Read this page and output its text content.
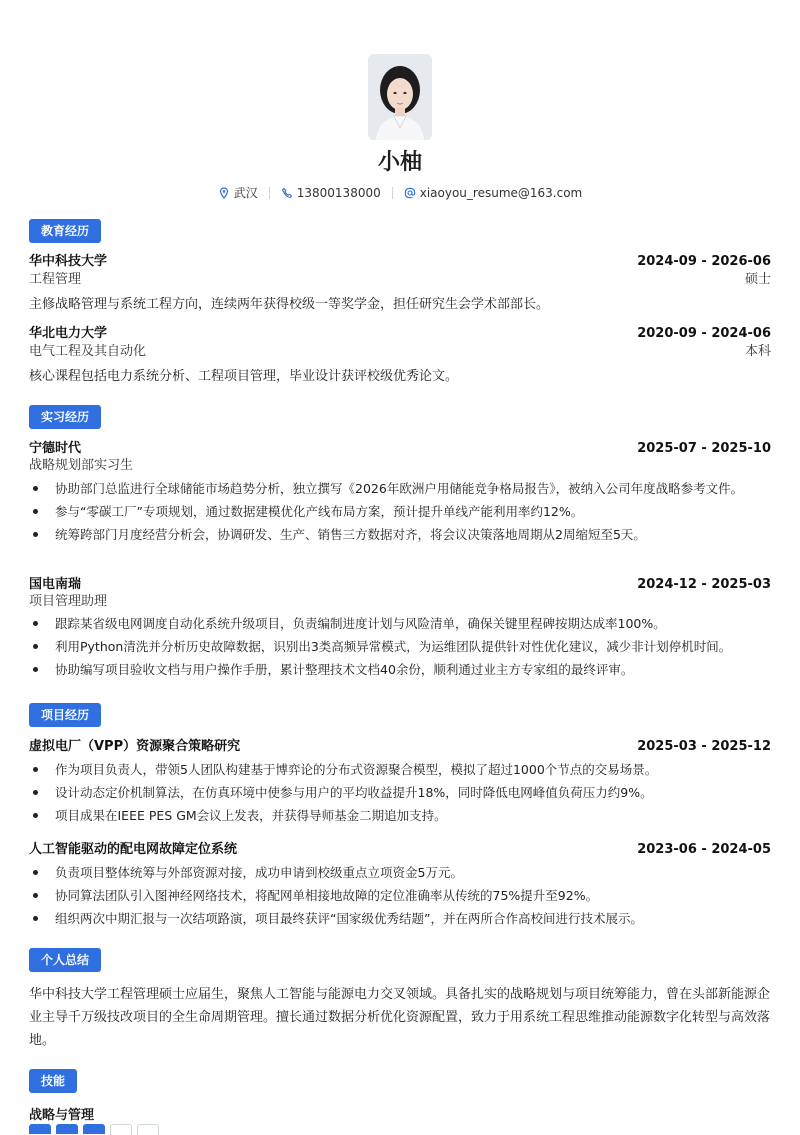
小柚
武汉	13800138000	xiaoyou_resume@163.com
教育经历
华中科技大学	2024-09 - 2026-06
工程管理	硕士
主修战略管理与系统工程方向，连续两年获得校级一等奖学金，担任研究生会学术部部长。
华北电力大学	2020-09 - 2024-06
电气工程及其自动化	本科
核心课程包括电力系统分析、工程项目管理，毕业设计获评校级优秀论文。
实习经历
宁德时代	2025-07 - 2025-10
战略规划部实习生
协助部门总监进行全球储能市场趋势分析，独立撰写《2026年欧洲户用储能竞争格局报告》，被纳入公司年度战略参考文件。
参与“零碳工厂”专项规划，通过数据建模优化产线布局方案，预计提升单线产能利用率约12%。
统筹跨部门月度经营分析会，协调研发、生产、销售三方数据对齐，将会议决策落地周期从2周缩短至5天。
国电南瑞	2024-12 - 2025-03
项目管理助理
跟踪某省级电网调度自动化系统升级项目，负责编制进度计划与风险清单，确保关键里程碑按期达成率100%。
利用Python清洗并分析历史故障数据，识别出3类高频异常模式，为运维团队提供针对性优化建议，减少非计划停机时间。
协助编写项目验收文档与用户操作手册，累计整理技术文档40余份，顺利通过业主方专家组的最终评审。
项目经历
虚拟电厂（VPP）资源聚合策略研究	2025-03 - 2025-12
作为项目负责人，带领5人团队构建基于博弈论的分布式资源聚合模型，模拟了超过1000个节点的交易场景。
设计动态定价机制算法，在仿真环境中使参与用户的平均收益提升18%，同时降低电网峰值负荷压力约9%。
项目成果在IEEE PES GM会议上发表，并获得导师基金二期追加支持。
人工智能驱动的配电网故障定位系统	2023-06 - 2024-05
负责项目整体统筹与外部资源对接，成功申请到校级重点立项资金5万元。
协同算法团队引入图神经网络技术，将配网单相接地故障的定位准确率从传统的75%提升至92%。
组织两次中期汇报与一次结项路演，项目最终获评“国家级优秀结题”，并在两所合作高校间进行技术展示。
个人总结
华中科技大学工程管理硕士应届生，聚焦人工智能与能源电力交叉领域。具备扎实的战略规划与项目统筹能力，曾在头部新能源企业主导千万级技改项目的全生命周期管理。擅长通过数据分析优化资源配置，致力于用系统工程思维推动能源数字化转型与高效落地。
技能
战略与管理
